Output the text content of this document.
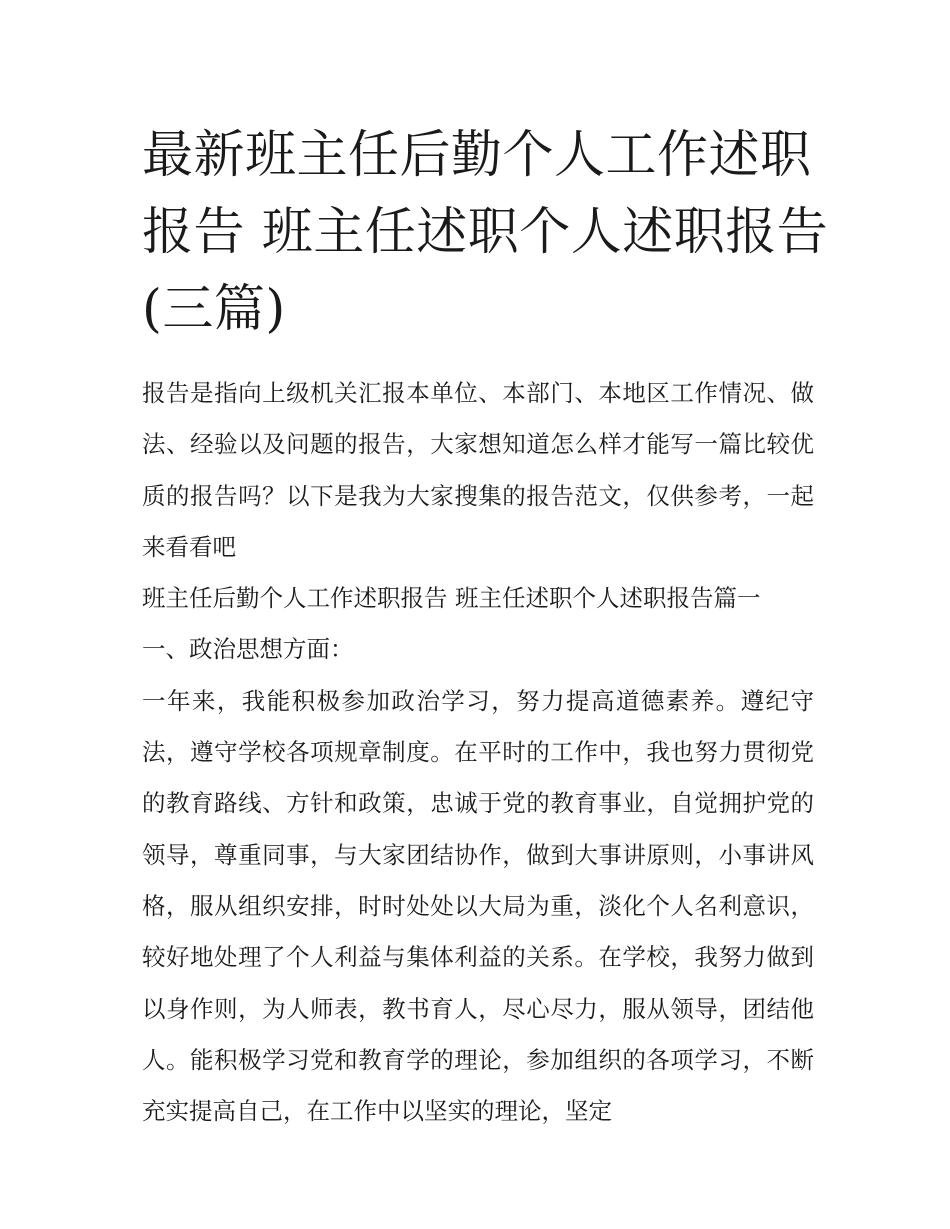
最新班主任后勤个人工作述职
报告 班主任述职个人述职报告
(三篇)

报告是指向上级机关汇报本单位、本部门、本地区工作情况、做法、经验以及问题的报告，大家想知道怎么样才能写一篇比较优质的报告吗？以下是我为大家搜集的报告范文，仅供参考，一起来看看吧

班主任后勤个人工作述职报告 班主任述职个人述职报告篇一

一、政治思想方面：

一年来，我能积极参加政治学习，努力提高道德素养。遵纪守法，遵守学校各项规章制度。在平时的工作中，我也努力贯彻党的教育路线、方针和政策，忠诚于党的教育事业，自觉拥护党的领导，尊重同事，与大家团结协作，做到大事讲原则，小事讲风格，服从组织安排，时时处处以大局为重，淡化个人名利意识，较好地处理了个人利益与集体利益的关系。在学校，我努力做到以身作则，为人师表，教书育人，尽心尽力，服从领导，团结他人。能积极学习党和教育学的理论，参加组织的各项学习，不断充实提高自己，在工作中以坚实的理论，坚定
